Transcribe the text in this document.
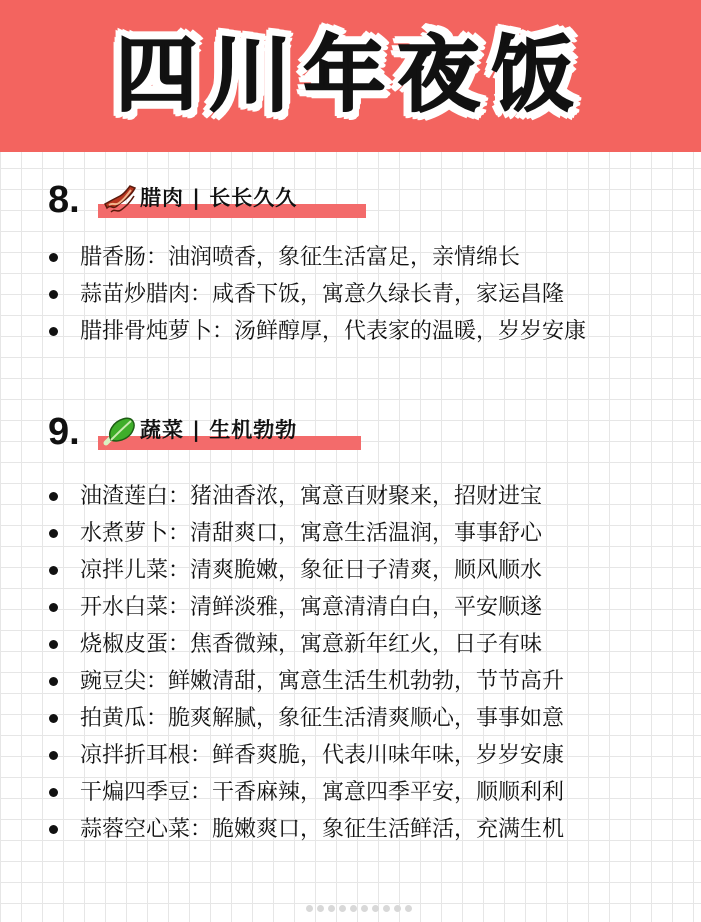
四川年夜饭
8.	腊肉 | 长长久久
腊香肠：油润喷香，象征生活富足，亲情绵长
蒜苗炒腊肉：咸香下饭，寓意久绿长青，家运昌隆
腊排骨炖萝卜：汤鲜醇厚，代表家的温暖，岁岁安康
9.	蔬菜 | 生机勃勃
油渣莲白：猪油香浓，寓意百财聚来，招财进宝
水煮萝卜：清甜爽口，寓意生活温润，事事舒心
凉拌儿菜：清爽脆嫩，象征日子清爽，顺风顺水
开水白菜：清鲜淡雅，寓意清清白白，平安顺遂
烧椒皮蛋：焦香微辣，寓意新年红火，日子有味
豌豆尖：鲜嫩清甜，寓意生活生机勃勃，节节高升
拍黄瓜：脆爽解腻，象征生活清爽顺心，事事如意
凉拌折耳根：鲜香爽脆，代表川味年味，岁岁安康
干煸四季豆：干香麻辣，寓意四季平安，顺顺利利
蒜蓉空心菜：脆嫩爽口，象征生活鲜活，充满生机
